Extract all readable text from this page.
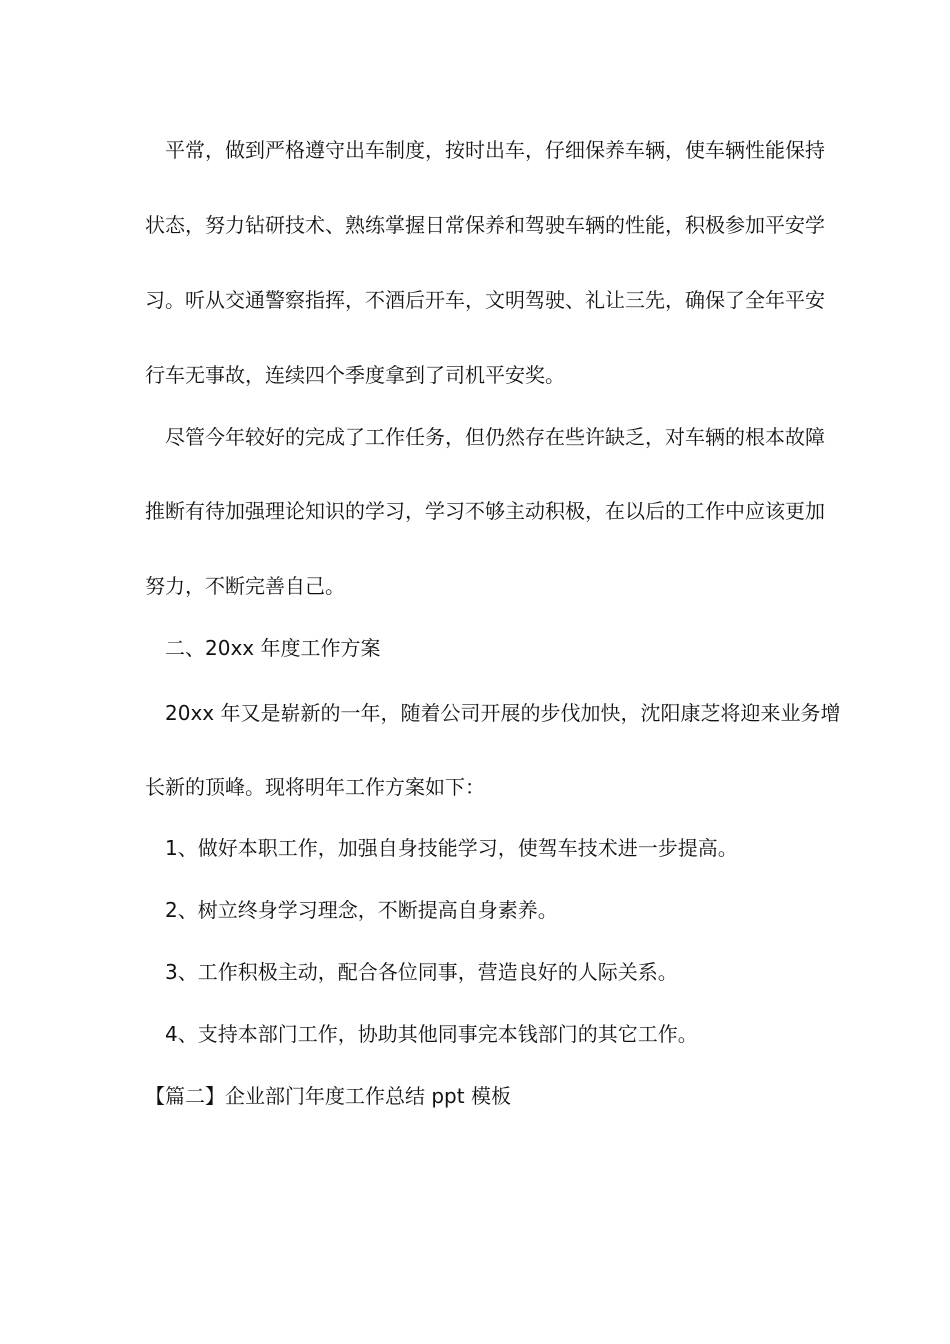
平常，做到严格遵守出车制度，按时出车，仔细保养车辆，使车辆性能保持
状态，努力钻研技术、熟练掌握日常保养和驾驶车辆的性能，积极参加平安学
习。听从交通警察指挥，不酒后开车，文明驾驶、礼让三先，确保了全年平安
行车无事故，连续四个季度拿到了司机平安奖。
尽管今年较好的完成了工作任务，但仍然存在些许缺乏，对车辆的根本故障
推断有待加强理论知识的学习，学习不够主动积极，在以后的工作中应该更加
努力，不断完善自己。
二、20xx 年度工作方案
20xx 年又是崭新的一年，随着公司开展的步伐加快，沈阳康芝将迎来业务增
长新的顶峰。现将明年工作方案如下：
1、做好本职工作，加强自身技能学习，使驾车技术进一步提高。
2、树立终身学习理念，不断提高自身素养。
3、工作积极主动，配合各位同事，营造良好的人际关系。
4、支持本部门工作，协助其他同事完本钱部门的其它工作。
【篇二】企业部门年度工作总结 ppt 模板
